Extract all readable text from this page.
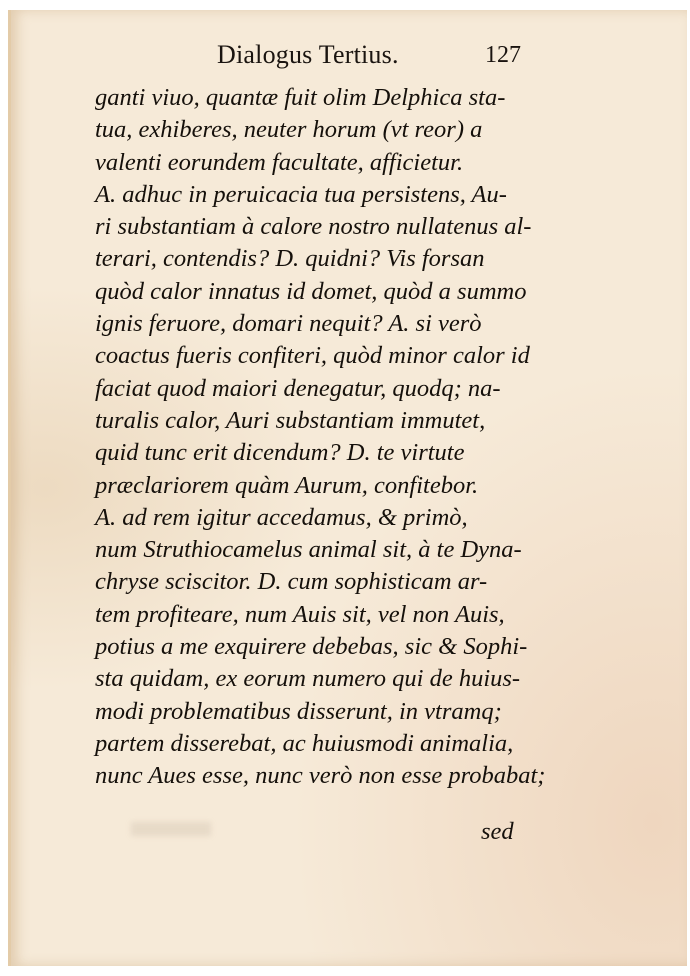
Dialogus Tertius.	127
ganti viuo, quantæ fuit olim Delphica sta-
tua, exhiberes, neuter horum (vt reor) a
valenti eorundem facultate, afficietur.
A. adhuc in peruicacia tua persistens, Au-
ri substantiam à calore nostro nullatenus al-
terari, contendis? D. quidni? Vis forsan
quòd calor innatus id domet, quòd a summo
ignis feruore, domari nequit? A. si verò
coactus fueris confiteri, quòd minor calor id
faciat quod maiori denegatur, quodq; na-
turalis calor, Auri substantiam immutet,
quid tunc erit dicendum? D. te virtute
præclariorem quàm Aurum, confitebor.
A. ad rem igitur accedamus, & primò,
num Struthiocamelus animal sit, à te Dyna-
chryse sciscitor. D. cum sophisticam ar-
tem profiteare, num Auis sit, vel non Auis,
potius a me exquirere debebas, sic & Sophi-
sta quidam, ex eorum numero qui de huius-
modi problematibus disserunt, in vtramq;
partem disserebat, ac huiusmodi animalia,
nunc Aues esse, nunc verò non esse probabat;
sed
